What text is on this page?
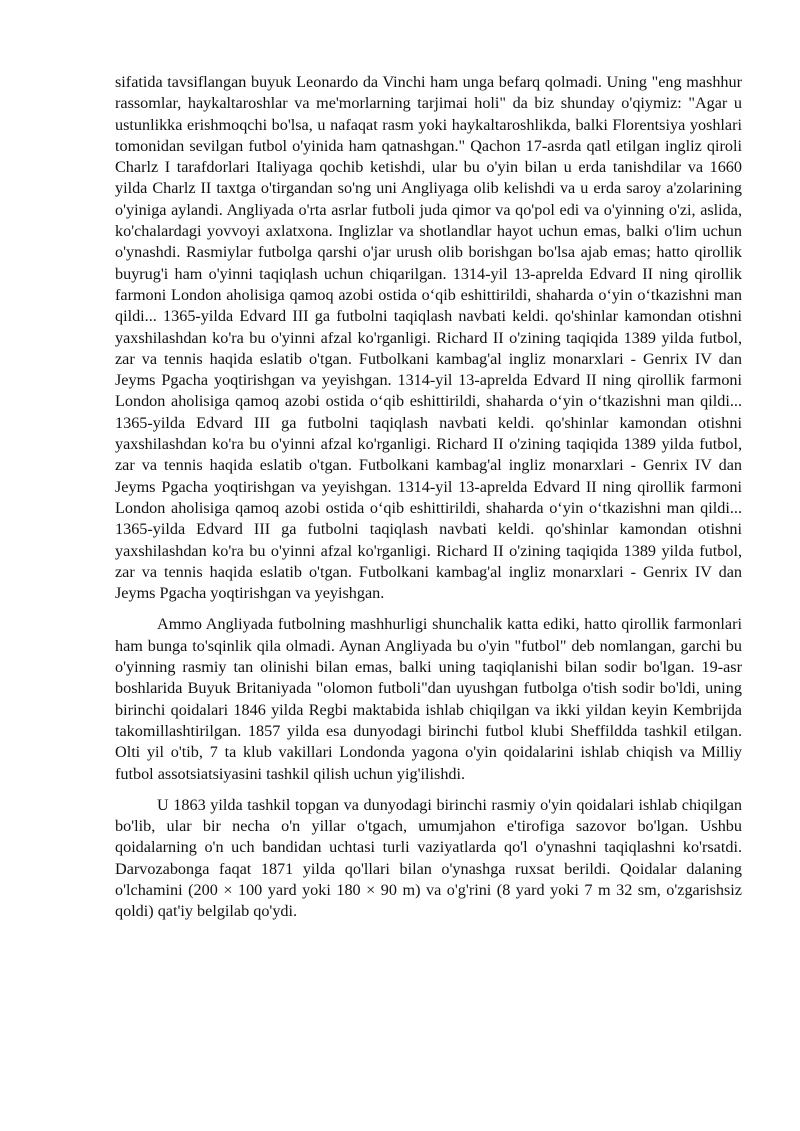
sifatida tavsiflangan buyuk Leonardo da Vinchi ham unga befarq qolmadi. Uning "eng mashhur rassomlar, haykaltaroshlar va me'morlarning tarjimai holi" da biz shunday o'qiymiz: "Agar u ustunlikka erishmoqchi bo'lsa, u nafaqat rasm yoki haykaltaroshlikda, balki Florentsiya yoshlari tomonidan sevilgan futbol o'yinida ham qatnashgan." Qachon 17-asrda qatl etilgan ingliz qiroli Charlz I tarafdorlari Italiyaga qochib ketishdi, ular bu o'yin bilan u erda tanishdilar va 1660 yilda Charlz II taxtga o'tirgandan so'ng uni Angliyaga olib kelishdi va u erda saroy a'zolarining o'yiniga aylandi. Angliyada o'rta asrlar futboli juda qimor va qo'pol edi va o'yinning o'zi, aslida, ko'chalardagi yovvoyi axlatxona. Inglizlar va shotlandlar hayot uchun emas, balki o'lim uchun o'ynashdi. Rasmiylar futbolga qarshi o'jar urush olib borishgan bo'lsa ajab emas; hatto qirollik buyrug'i ham o'yinni taqiqlash uchun chiqarilgan. 1314-yil 13-aprelda Edvard II ning qirollik farmoni London aholisiga qamoq azobi ostida o‘qib eshittirildi, shaharda o‘yin o‘tkazishni man qildi... 1365-yilda Edvard III ga futbolni taqiqlash navbati keldi. qo'shinlar kamondan otishni yaxshilashdan ko'ra bu o'yinni afzal ko'rganligi. Richard II o'zining taqiqida 1389 yilda futbol, zar va tennis haqida eslatib o'tgan. Futbolkani kambag'al ingliz monarxlari - Genrix IV dan Jeyms Pgacha yoqtirishgan va yeyishgan. 1314-yil 13-aprelda Edvard II ning qirollik farmoni London aholisiga qamoq azobi ostida o‘qib eshittirildi, shaharda o‘yin o‘tkazishni man qildi... 1365-yilda Edvard III ga futbolni taqiqlash navbati keldi. qo'shinlar kamondan otishni yaxshilashdan ko'ra bu o'yinni afzal ko'rganligi. Richard II o'zining taqiqida 1389 yilda futbol, zar va tennis haqida eslatib o'tgan. Futbolkani kambag'al ingliz monarxlari - Genrix IV dan Jeyms Pgacha yoqtirishgan va yeyishgan. 1314-yil 13-aprelda Edvard II ning qirollik farmoni London aholisiga qamoq azobi ostida o‘qib eshittirildi, shaharda o‘yin o‘tkazishni man qildi... 1365-yilda Edvard III ga futbolni taqiqlash navbati keldi. qo'shinlar kamondan otishni yaxshilashdan ko'ra bu o'yinni afzal ko'rganligi. Richard II o'zining taqiqida 1389 yilda futbol, zar va tennis haqida eslatib o'tgan. Futbolkani kambag'al ingliz monarxlari - Genrix IV dan Jeyms Pgacha yoqtirishgan va yeyishgan.

Ammo Angliyada futbolning mashhurligi shunchalik katta ediki, hatto qirollik farmonlari ham bunga to'sqinlik qila olmadi. Aynan Angliyada bu o'yin "futbol" deb nomlangan, garchi bu o'yinning rasmiy tan olinishi bilan emas, balki uning taqiqlanishi bilan sodir bo'lgan. 19-asr boshlarida Buyuk Britaniyada "olomon futboli"dan uyushgan futbolga o'tish sodir bo'ldi, uning birinchi qoidalari 1846 yilda Regbi maktabida ishlab chiqilgan va ikki yildan keyin Kembrijda takomillashtirilgan. 1857 yilda esa dunyodagi birinchi futbol klubi Sheffildda tashkil etilgan. Olti yil o'tib, 7 ta klub vakillari Londonda yagona o'yin qoidalarini ishlab chiqish va Milliy futbol assotsiatsiyasini tashkil qilish uchun yig'ilishdi.

U 1863 yilda tashkil topgan va dunyodagi birinchi rasmiy o'yin qoidalari ishlab chiqilgan bo'lib, ular bir necha o'n yillar o'tgach, umumjahon e'tirofiga sazovor bo'lgan. Ushbu qoidalarning o'n uch bandidan uchtasi turli vaziyatlarda qo'l o'ynashni taqiqlashni ko'rsatdi. Darvozabonga faqat 1871 yilda qo'llari bilan o'ynashga ruxsat berildi. Qoidalar dalaning o'lchamini (200 × 100 yard yoki 180 × 90 m) va o'g'rini (8 yard yoki 7 m 32 sm, o'zgarishsiz qoldi) qat'iy belgilab qo'ydi.
